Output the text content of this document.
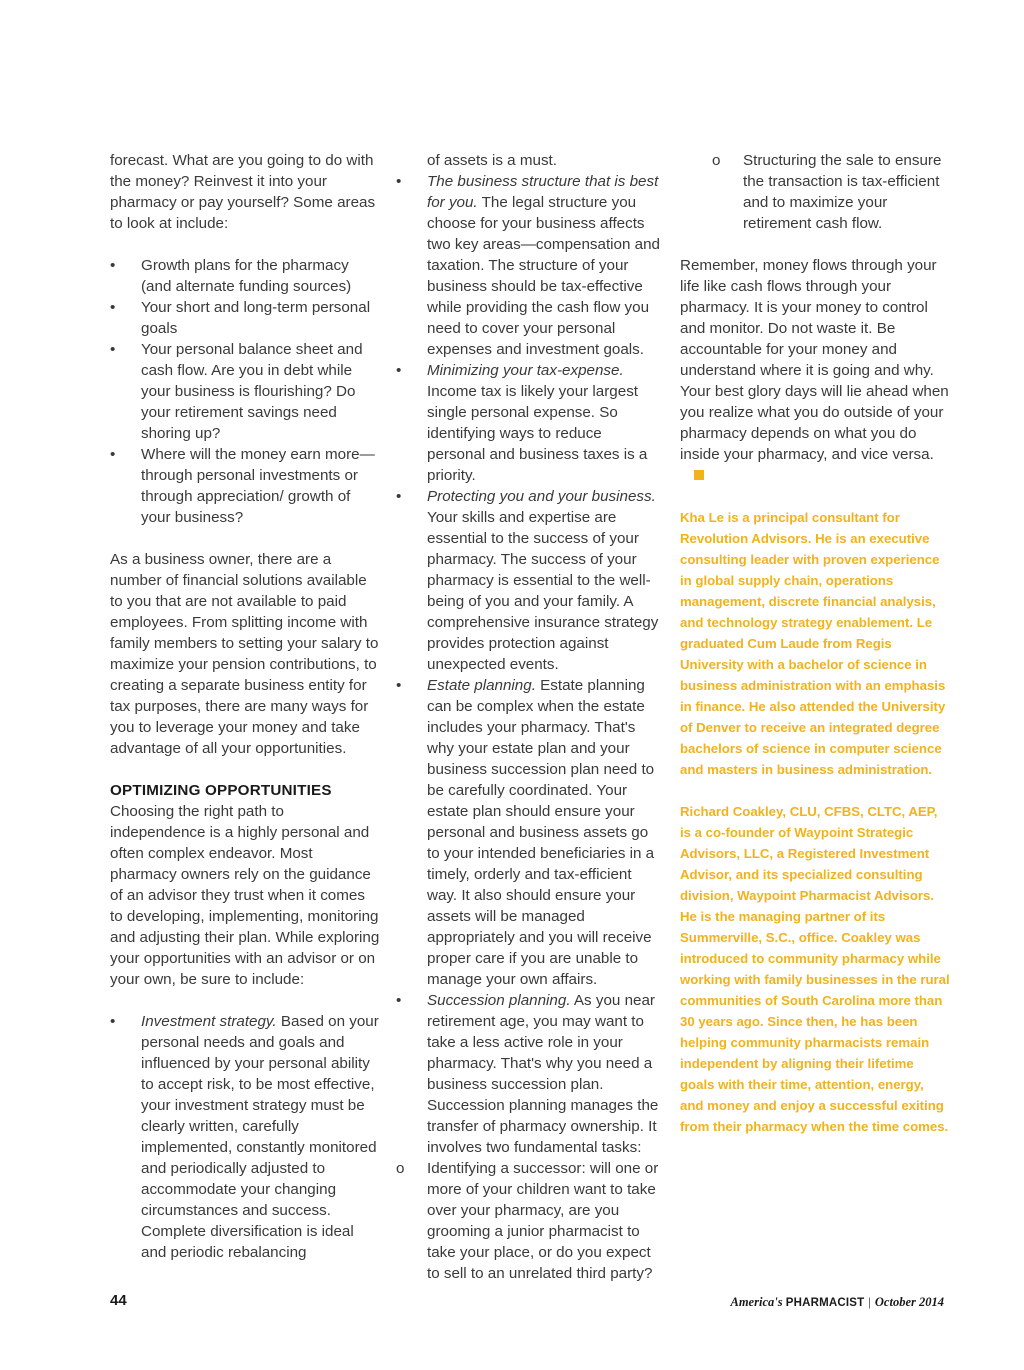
forecast. What are you going to do with the money? Reinvest it into your pharmacy or pay yourself? Some areas to look at include:

• Growth plans for the pharmacy (and alternate funding sources)
• Your short and long-term personal goals
• Your personal balance sheet and cash flow. Are you in debt while your business is flourishing? Do your retirement savings need shoring up?
• Where will the money earn more—through personal investments or through appreciation/ growth of your business?

As a business owner, there are a number of financial solutions available to you that are not available to paid employees. From splitting income with family members to setting your salary to maximize your pension contributions, to creating a separate business entity for tax purposes, there are many ways for you to leverage your money and take advantage of all your opportunities.

OPTIMIZING OPPORTUNITIES

Choosing the right path to independence is a highly personal and often complex endeavor. Most pharmacy owners rely on the guidance of an advisor they trust when it comes to developing, implementing, monitoring and adjusting their plan. While exploring your opportunities with an advisor or on your own, be sure to include:

• Investment strategy. Based on your personal needs and goals and influenced by your personal ability to accept risk, to be most effective, your investment strategy must be clearly written, carefully implemented, constantly monitored and periodically adjusted to accommodate your changing circumstances and success. Complete diversification is ideal and periodic rebalancing

of assets is a must.

• The business structure that is best for you. The legal structure you choose for your business affects two key areas—compensation and taxation. The structure of your business should be tax-effective while providing the cash flow you need to cover your personal expenses and investment goals.
• Minimizing your tax-expense. Income tax is likely your largest single personal expense. So identifying ways to reduce personal and business taxes is a priority.
• Protecting you and your business. Your skills and expertise are essential to the success of your pharmacy. The success of your pharmacy is essential to the well-being of you and your family. A comprehensive insurance strategy provides protection against unexpected events.
• Estate planning. Estate planning can be complex when the estate includes your pharmacy. That's why your estate plan and your business succession plan need to be carefully coordinated. Your estate plan should ensure your personal and business assets go to your intended beneficiaries in a timely, orderly and tax-efficient way. It also should ensure your assets will be managed appropriately and you will receive proper care if you are unable to manage your own affairs.
• Succession planning. As you near retirement age, you may want to take a less active role in your pharmacy. That's why you need a business succession plan. Succession planning manages the transfer of pharmacy ownership. It involves two fundamental tasks:
o Identifying a successor: will one or more of your children want to take over your pharmacy, are you grooming a junior pharmacist to take your place, or do you expect to sell to an unrelated third party?
o Structuring the sale to ensure the transaction is tax-efficient and to maximize your retirement cash flow.

Remember, money flows through your life like cash flows through your pharmacy. It is your money to control and monitor. Do not waste it. Be accountable for your money and understand where it is going and why. Your best glory days will lie ahead when you realize what you do outside of your pharmacy depends on what you do inside your pharmacy, and vice versa.

Kha Le is a principal consultant for Revolution Advisors. He is an executive consulting leader with proven experience in global supply chain, operations management, discrete financial analysis, and technology strategy enablement. Le graduated Cum Laude from Regis University with a bachelor of science in business administration with an emphasis in finance. He also attended the University of Denver to receive an integrated degree bachelors of science in computer science and masters in business administration.

Richard Coakley, CLU, CFBS, CLTC, AEP, is a co-founder of Waypoint Strategic Advisors, LLC, a Registered Investment Advisor, and its specialized consulting division, Waypoint Pharmacist Advisors. He is the managing partner of its Summerville, S.C., office. Coakley was introduced to community pharmacy while working with family businesses in the rural communities of South Carolina more than 30 years ago. Since then, he has been helping community pharmacists remain independent by aligning their lifetime goals with their time, attention, energy, and money and enjoy a successful exiting from their pharmacy when the time comes.

44	America's PHARMACIST | October 2014
